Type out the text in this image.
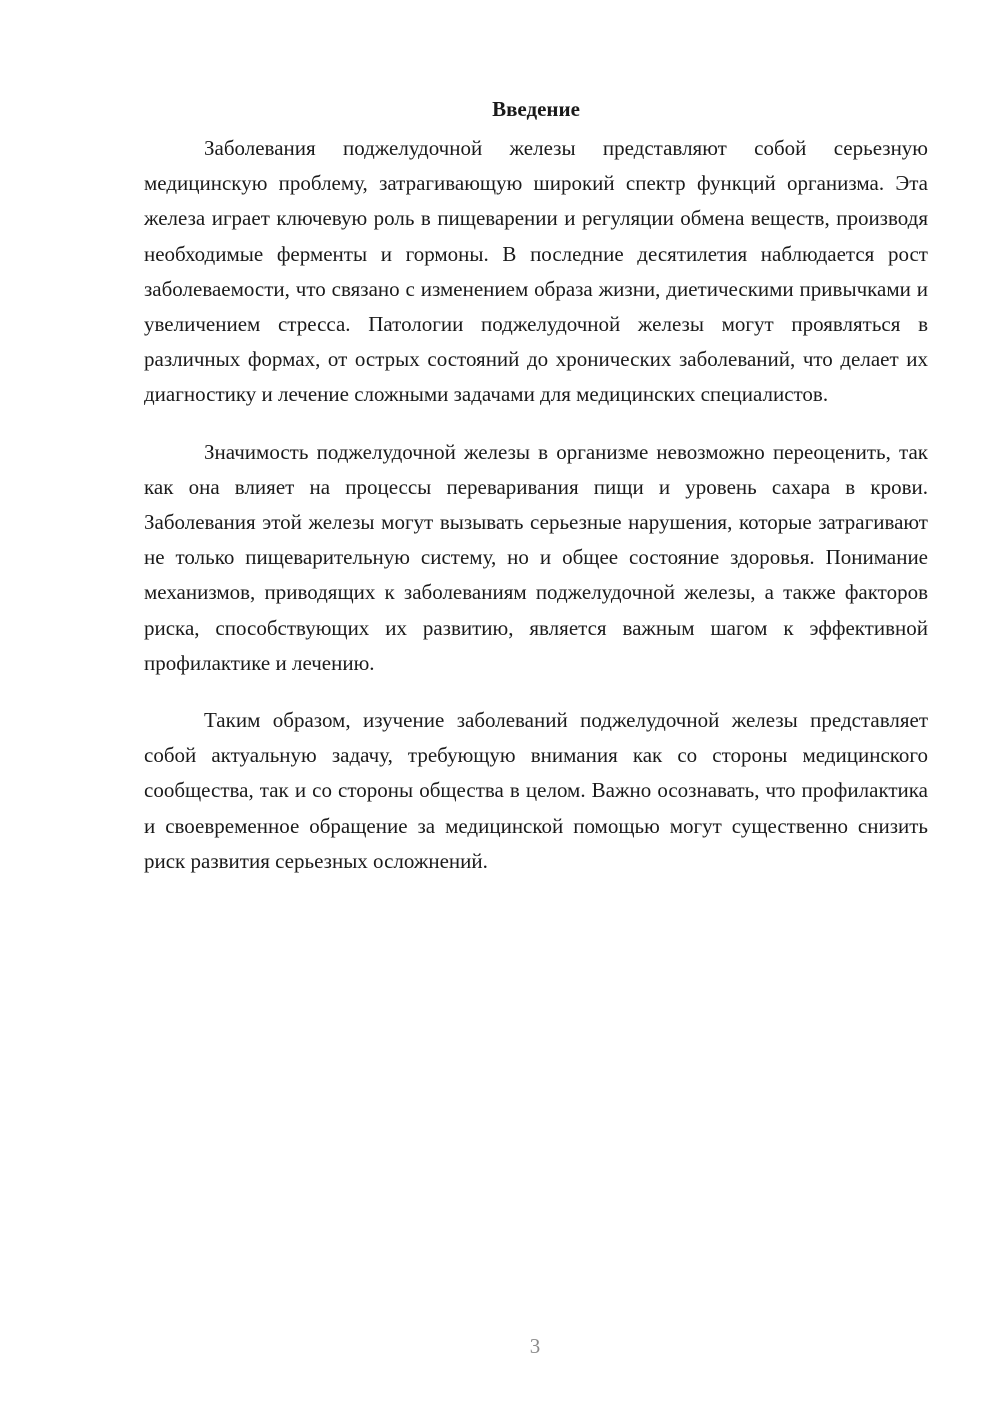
Введение

Заболевания поджелудочной железы представляют собой серьезную медицинскую проблему, затрагивающую широкий спектр функций организма. Эта железа играет ключевую роль в пищеварении и регуляции обмена веществ, производя необходимые ферменты и гормоны. В последние десятилетия наблюдается рост заболеваемости, что связано с изменением образа жизни, диетическими привычками и увеличением стресса. Патологии поджелудочной железы могут проявляться в различных формах, от острых состояний до хронических заболеваний, что делает их диагностику и лечение сложными задачами для медицинских специалистов.

Значимость поджелудочной железы в организме невозможно переоценить, так как она влияет на процессы переваривания пищи и уровень сахара в крови. Заболевания этой железы могут вызывать серьезные нарушения, которые затрагивают не только пищеварительную систему, но и общее состояние здоровья. Понимание механизмов, приводящих к заболеваниям поджелудочной железы, а также факторов риска, способствующих их развитию, является важным шагом к эффективной профилактике и лечению.

Таким образом, изучение заболеваний поджелудочной железы представляет собой актуальную задачу, требующую внимания как со стороны медицинского сообщества, так и со стороны общества в целом. Важно осознавать, что профилактика и своевременное обращение за медицинской помощью могут существенно снизить риск развития серьезных осложнений.

3
